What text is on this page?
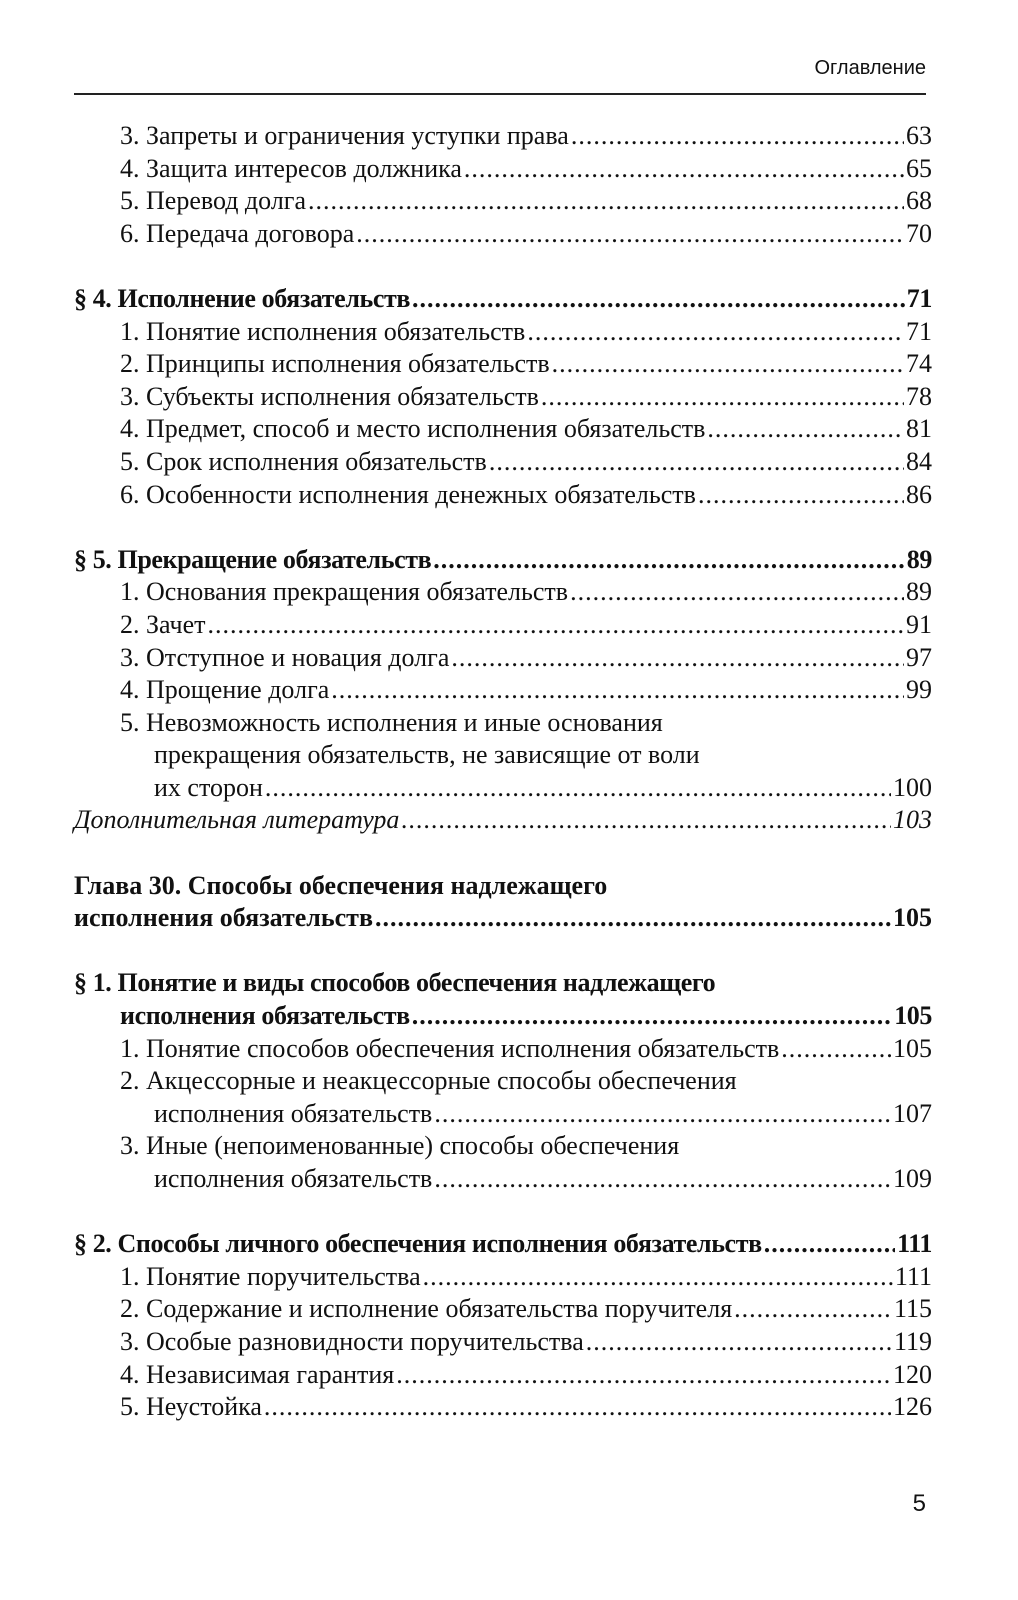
Оглавление
3. Запреты и ограничения уступки права .....	63
4. Защита интересов должника .....	65
5. Перевод долга .....	68
6. Передача договора .....	70
§ 4. Исполнение обязательств .....	71
1. Понятие исполнения обязательств .....	71
2. Принципы исполнения обязательств .....	74
3. Субъекты исполнения обязательств .....	78
4. Предмет, способ и место исполнения обязательств .....	81
5. Срок исполнения обязательств .....	84
6. Особенности исполнения денежных обязательств .....	86
§ 5. Прекращение обязательств .....	89
1. Основания прекращения обязательств .....	89
2. Зачет .....	91
3. Отступное и новация долга .....	97
4. Прощение долга .....	99
5. Невозможность исполнения и иные основания
прекращения обязательств, не зависящие от воли
их сторон .....	100
Дополнительная литература .....	103
Глава 30. Способы обеспечения надлежащего
исполнения обязательств .....	105
§ 1. Понятие и виды способов обеспечения надлежащего
исполнения обязательств .....	105
1. Понятие способов обеспечения исполнения обязательств .....	105
2. Акцессорные и неакцессорные способы обеспечения
исполнения обязательств .....	107
3. Иные (непоименованные) способы обеспечения
исполнения обязательств .....	109
§ 2. Способы личного обеспечения исполнения обязательств .....	111
1. Понятие поручительства .....	111
2. Содержание и исполнение обязательства поручителя .....	115
3. Особые разновидности поручительства .....	119
4. Независимая гарантия .....	120
5. Неустойка .....	126
5
